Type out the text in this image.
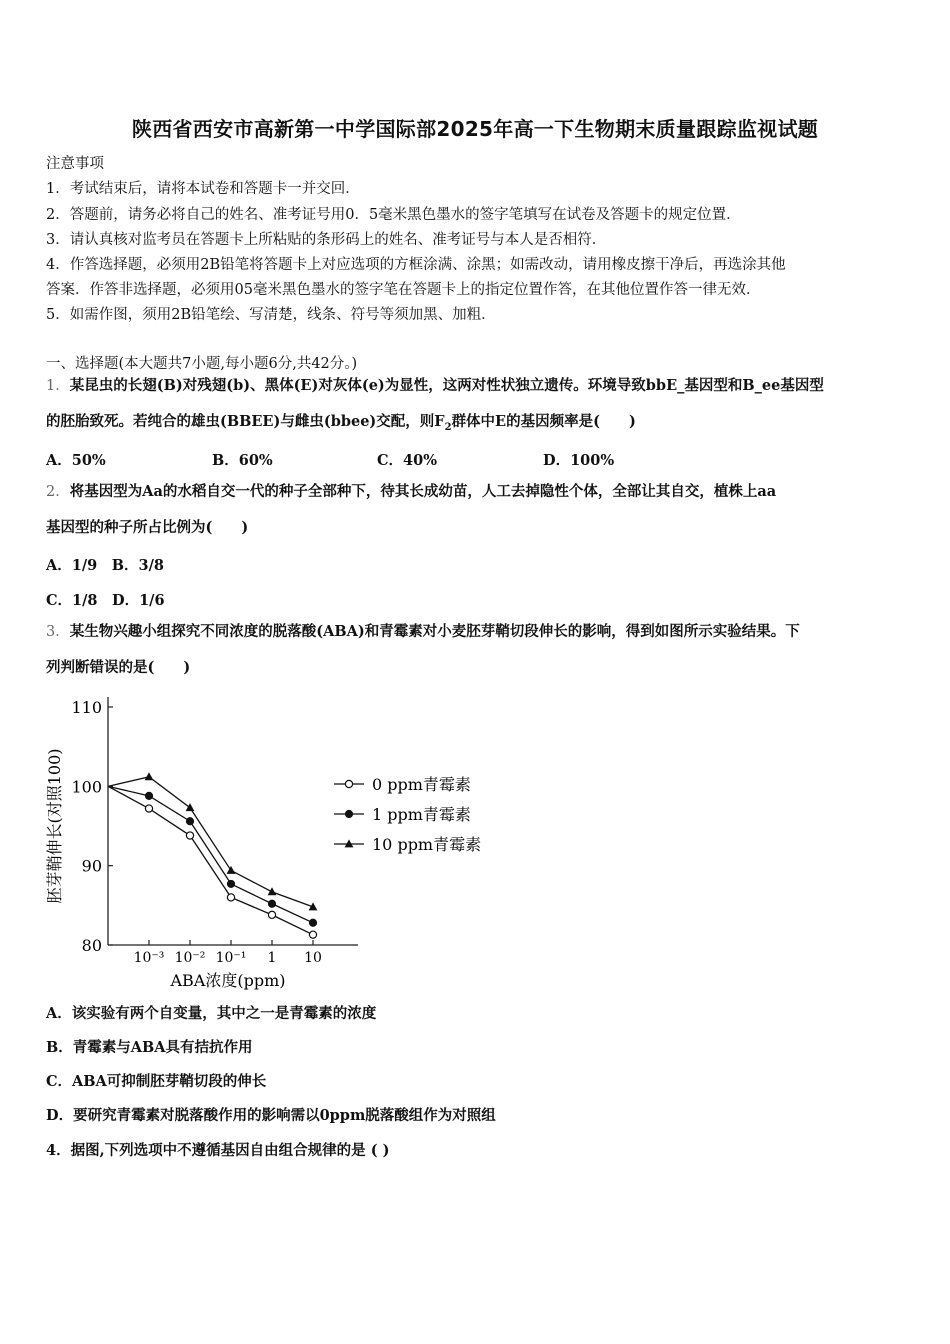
陕西省西安市高新第一中学国际部2025年高一下生物期末质量跟踪监视试题
注意事项
1．考试结束后，请将本试卷和答题卡一并交回．
2．答题前，请务必将自己的姓名、准考证号用0．5毫米黑色墨水的签字笔填写在试卷及答题卡的规定位置．
3．请认真核对监考员在答题卡上所粘贴的条形码上的姓名、准考证号与本人是否相符．
4．作答选择题，必须用2B铅笔将答题卡上对应选项的方框涂满、涂黑；如需改动，请用橡皮擦干净后，再选涂其他
答案．作答非选择题，必须用05毫米黑色墨水的签字笔在答题卡上的指定位置作答，在其他位置作答一律无效．
5．如需作图，须用2B铅笔绘、写清楚，线条、符号等须加黑、加粗．
一、选择题(本大题共7小题,每小题6分,共42分。)
1．某昆虫的长翅(B)对残翅(b)、黑体(E)对灰体(e)为显性，这两对性状独立遗传。环境导致bbE_基因型和B_ee基因型
的胚胎致死。若纯合的雄虫(BBEE)与雌虫(bbee)交配，则$F_2$群体中E的基因频率是(　　)
A．50%	B．60%	C．40%	D．100%
2．将基因型为Aa的水稻自交一代的种子全部种下，待其长成幼苗，人工去掉隐性个体，全部让其自交，植株上aa
基因型的种子所占比例为(　　)
A．1/9　B．3/8
C．1/8　D．1/6
3．某生物兴趣小组探究不同浓度的脱落酸(ABA)和青霉素对小麦胚芽鞘切段伸长的影响，得到如图所示实验结果。下
列判断错误的是(　　)
80
90
100
110
10⁻³ 10⁻² 10⁻¹ 1 10
ABA浓度(ppm)
胚芽鞘伸长(对照100)	0 ppm青霉素
1 ppm青霉素
10 ppm青霉素
A．该实验有两个自变量，其中之一是青霉素的浓度
B．青霉素与ABA具有拮抗作用
C．ABA可抑制胚芽鞘切段的伸长
D．要研究青霉素对脱落酸作用的影响需以0ppm脱落酸组作为对照组
4．据图,下列选项中不遵循基因自由组合规律的是 ( )
